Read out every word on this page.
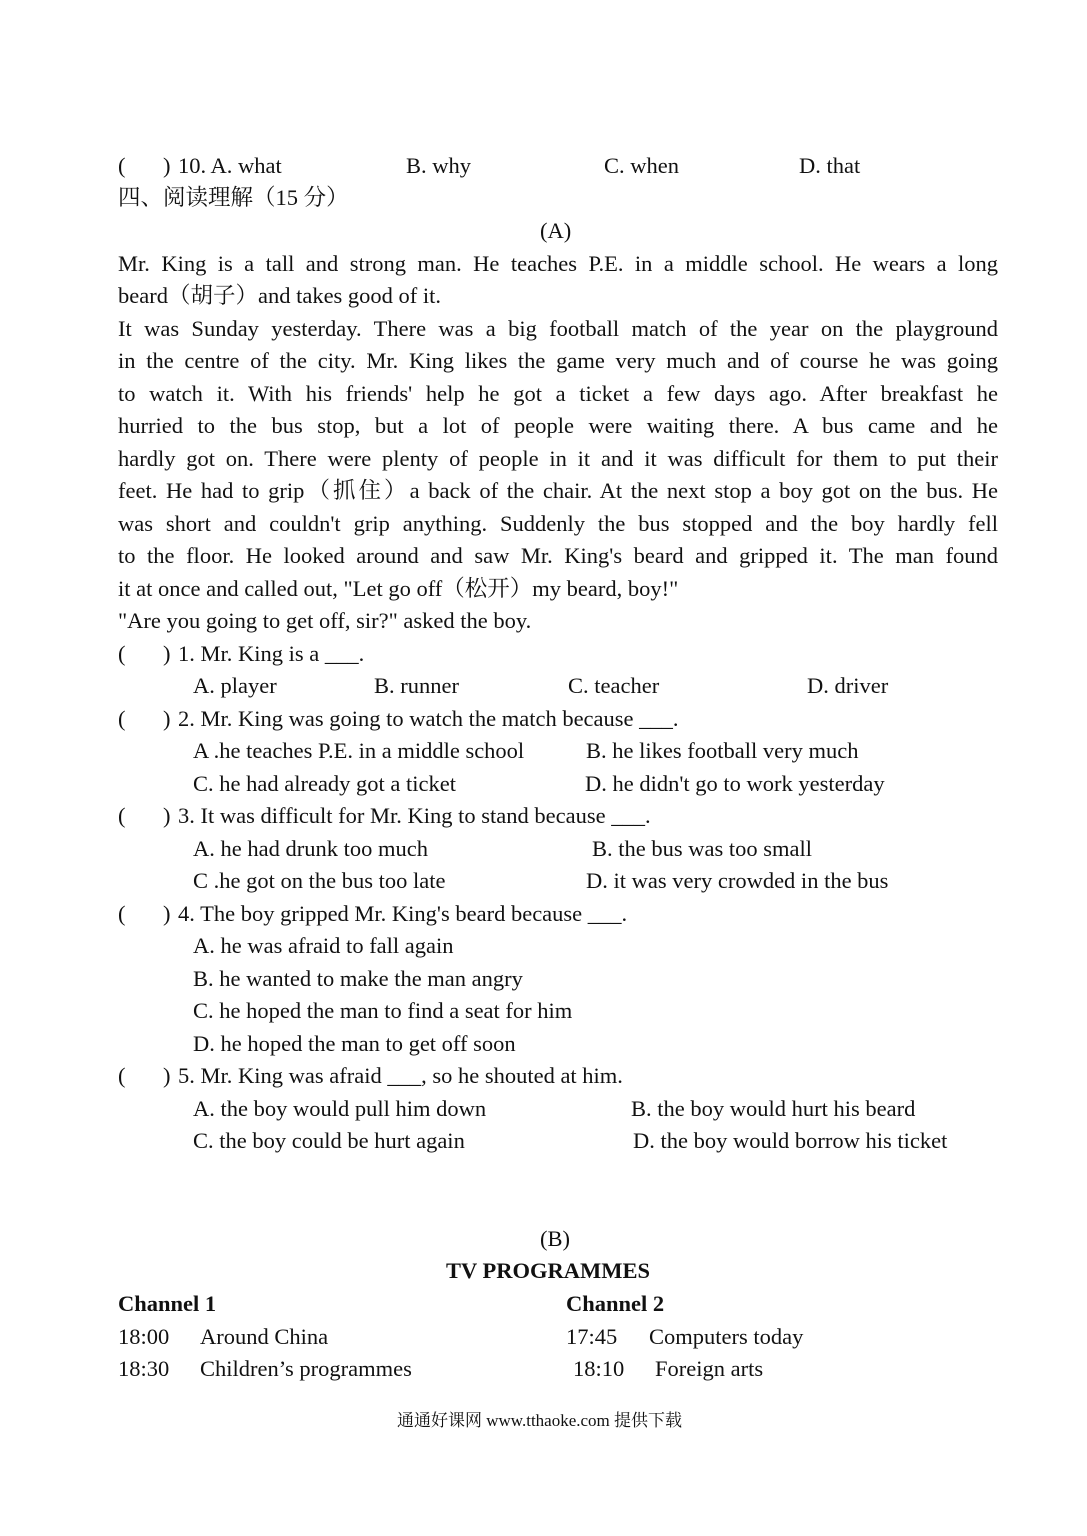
( ) 10. A. what	B. why	C. when	D. that
四、阅读理解（15 分）
(A)
Mr. King is a tall and strong man. He teaches P.E. in a middle school. He wears a long
beard（胡子）and takes good of it.
It was Sunday yesterday. There was a big football match of the year on the playground
in the centre of the city. Mr. King likes the game very much and of course he was going
to watch it. With his friends' help he got a ticket a few days ago. After breakfast he
hurried to the bus stop, but a lot of people were waiting there. A bus came and he
hardly got on. There were plenty of people in it and it was difficult for them to put their
feet. He had to grip（抓住）a back of the chair. At the next stop a boy got on the bus. He
was short and couldn't grip anything. Suddenly the bus stopped and the boy hardly fell
to the floor. He looked around and saw Mr. King's beard and gripped it. The man found
it at once and called out, "Let go off（松开）my beard, boy!"
"Are you going to get off, sir?" asked the boy.
( ) 1. Mr. King is a ___.
A. player	B. runner	C. teacher	D. driver
( ) 2. Mr. King was going to watch the match because ___.
A .he teaches P.E. in a middle school	B. he likes football very much
C. he had already got a ticket	D. he didn't go to work yesterday
( ) 3. It was difficult for Mr. King to stand because ___.
A. he had drunk too much	B. the bus was too small
C .he got on the bus too late	D. it was very crowded in the bus
( ) 4. The boy gripped Mr. King's beard because ___.
A. he was afraid to fall again
B. he wanted to make the man angry
C. he hoped the man to find a seat for him
D. he hoped the man to get off soon
( ) 5. Mr. King was afraid ___, so he shouted at him.
A. the boy would pull him down	B. the boy would hurt his beard
C. the boy could be hurt again	D. the boy would borrow his ticket
(B)
TV PROGRAMMES
Channel 1	Channel 2
18:00 Around China	17:45 Computers today
18:30 Children’s programmes	18:10 Foreign arts
通通好课网 www.tthaoke.com 提供下载
